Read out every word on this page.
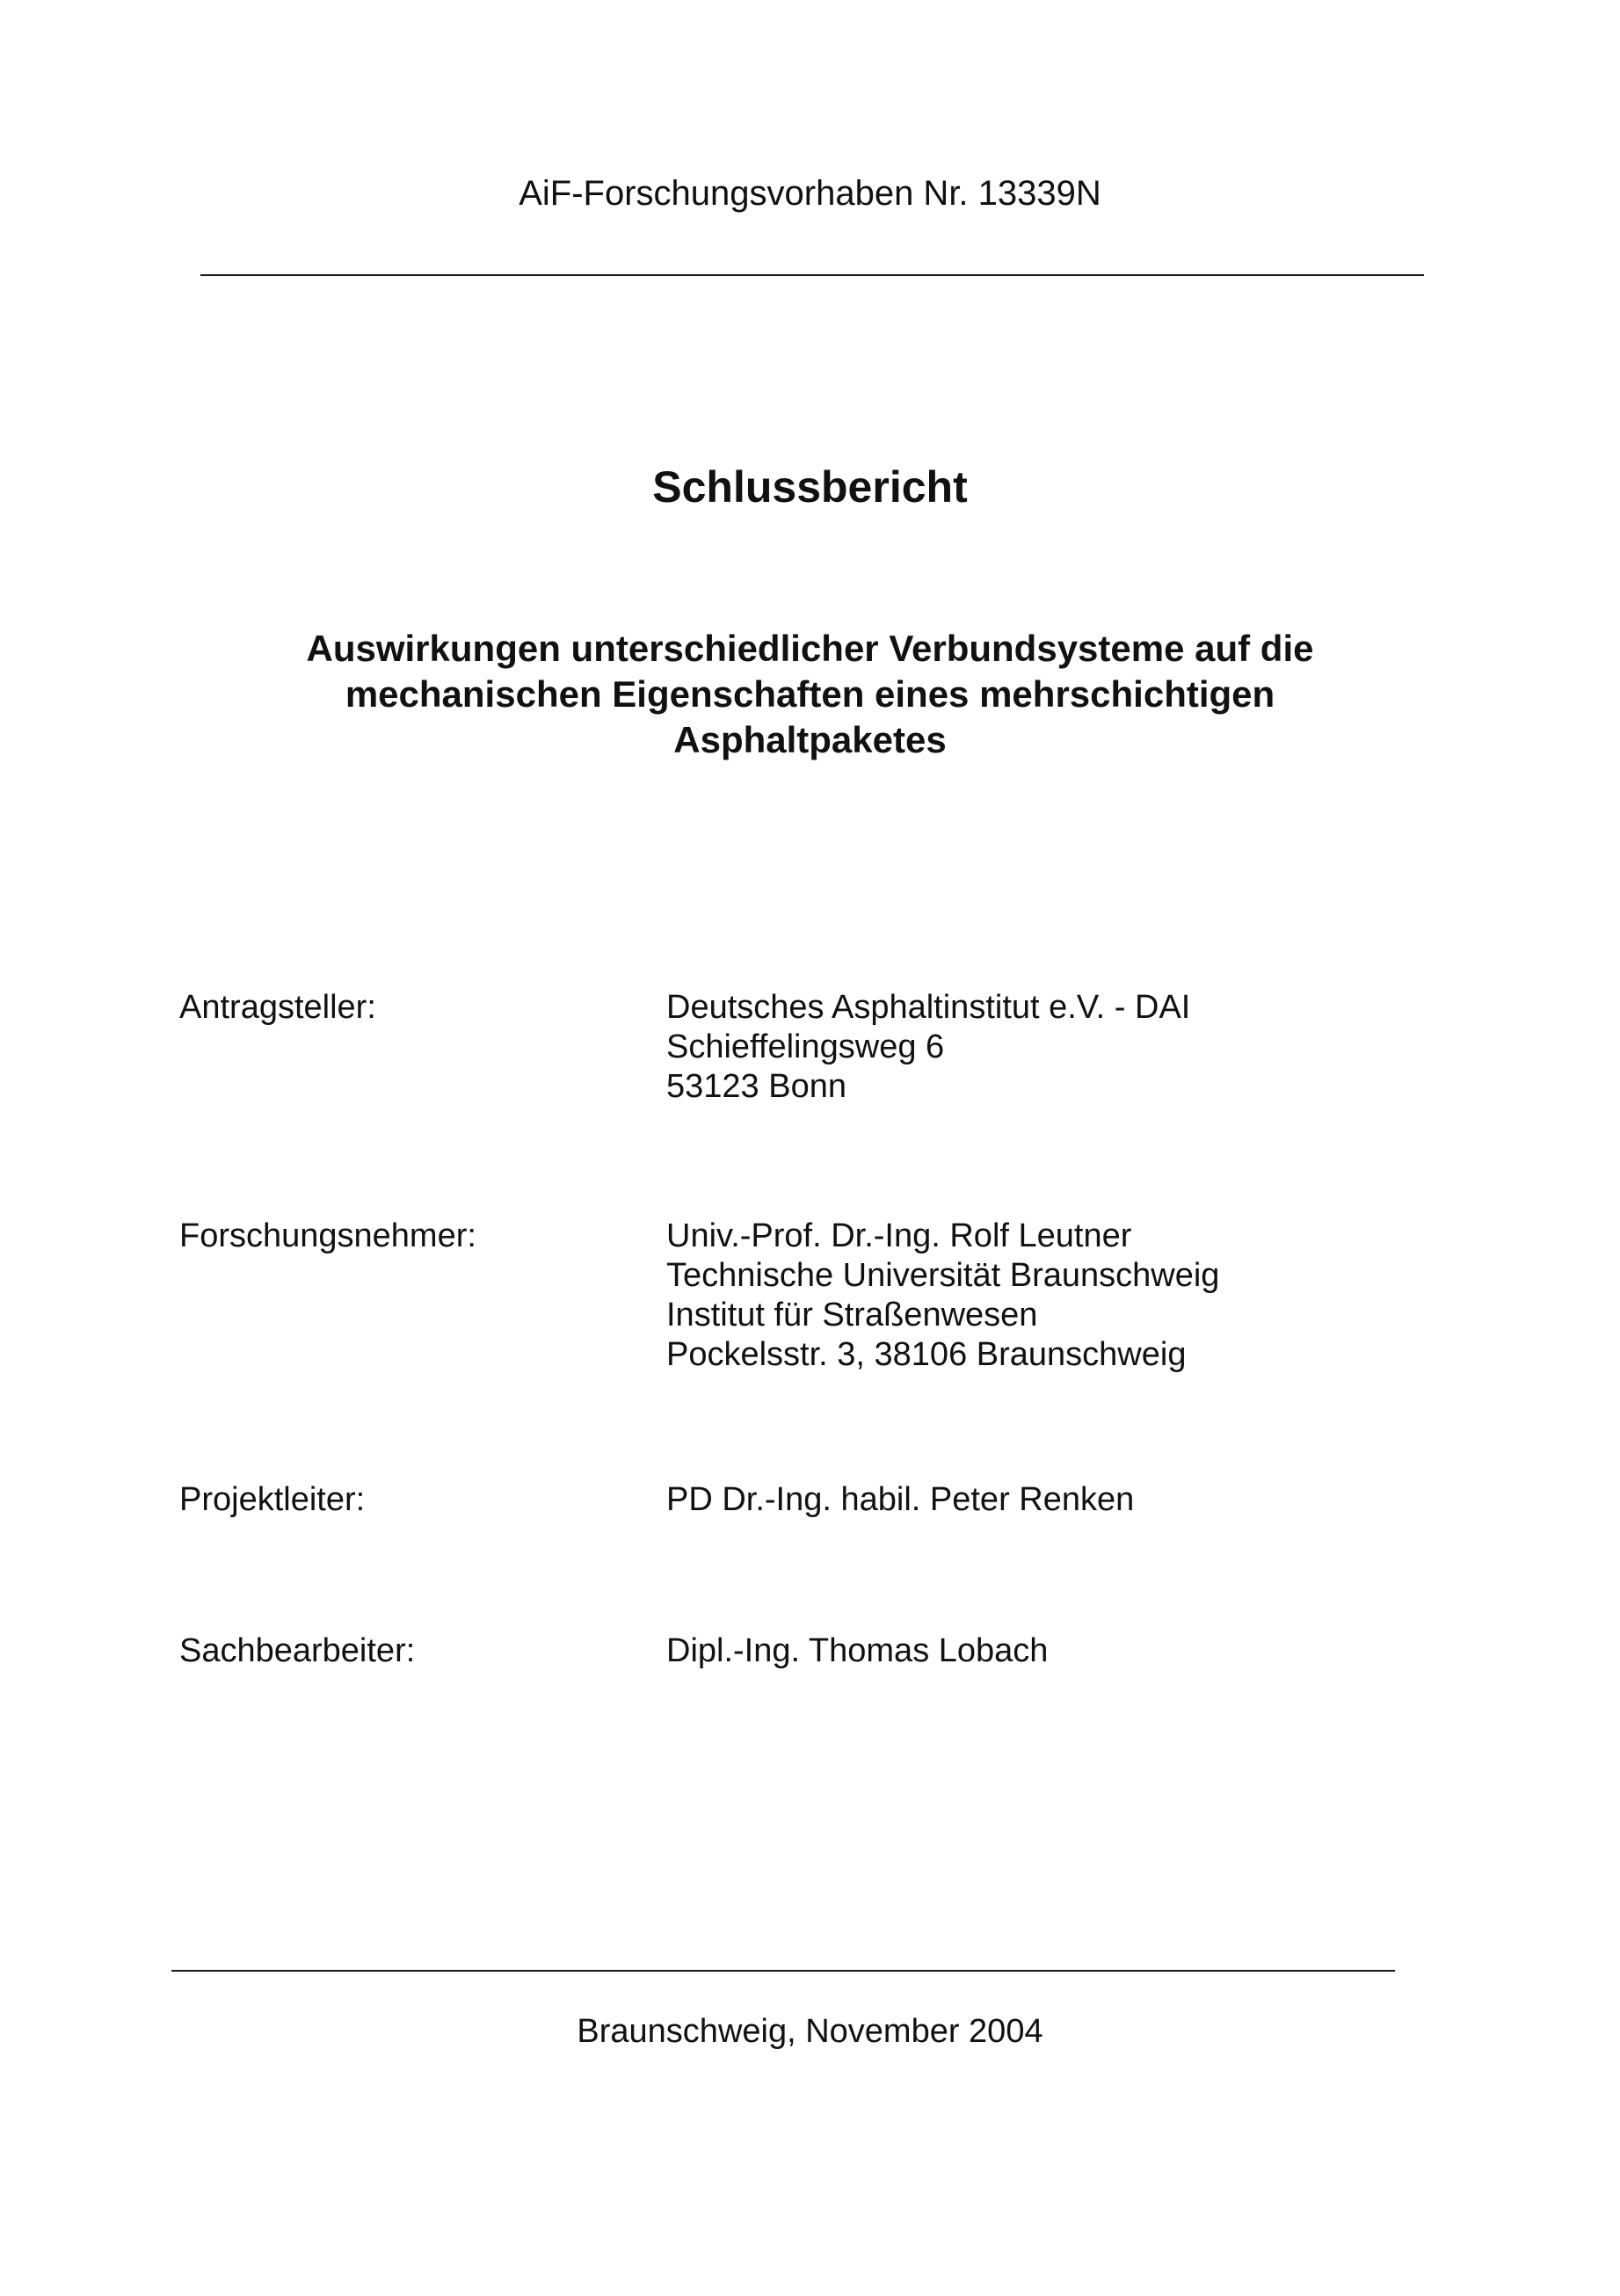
AiF-Forschungsvorhaben Nr. 13339N
Schlussbericht
Auswirkungen unterschiedlicher Verbundsysteme auf die
mechanischen Eigenschaften eines mehrschichtigen
Asphaltpaketes
Antragsteller:	Deutsches Asphaltinstitut e.V. - DAI
Schieffelingsweg 6
53123 Bonn
Forschungsnehmer:	Univ.-Prof. Dr.-Ing. Rolf Leutner
Technische Universität Braunschweig
Institut für Straßenwesen
Pockelsstr. 3, 38106 Braunschweig
Projektleiter:	PD Dr.-Ing. habil. Peter Renken
Sachbearbeiter:	Dipl.-Ing. Thomas Lobach
Braunschweig, November 2004
